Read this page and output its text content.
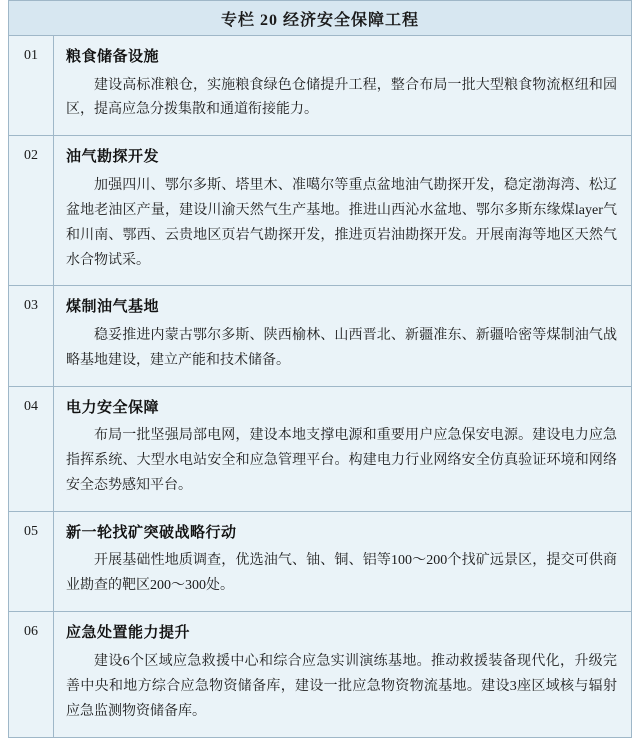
专栏 20 经济安全保障工程
01	粮食储备设施
建设高标准粮仓，实施粮食绿色仓储提升工程，整合布局一批大型粮食物流枢纽和园区，提高应急分拨集散和通道衔接能力。
02	油气勘探开发
加强四川、鄂尔多斯、塔里木、准噶尔等重点盆地油气勘探开发，稳定渤海湾、松辽盆地老油区产量，建设川渝天然气生产基地。推进山西沁水盆地、鄂尔多斯东缘煤layer气和川南、鄂西、云贵地区页岩气勘探开发，推进页岩油勘探开发。开展南海等地区天然气水合物试采。
03	煤制油气基地
稳妥推进内蒙古鄂尔多斯、陕西榆林、山西晋北、新疆准东、新疆哈密等煤制油气战略基地建设，建立产能和技术储备。
04	电力安全保障
布局一批坚强局部电网，建设本地支撑电源和重要用户应急保安电源。建设电力应急指挥系统、大型水电站安全和应急管理平台。构建电力行业网络安全仿真验证环境和网络安全态势感知平台。
05	新一轮找矿突破战略行动
开展基础性地质调查，优选油气、铀、铜、铝等100～200个找矿远景区，提交可供商业勘查的靶区200～300处。
06	应急处置能力提升
建设6个区域应急救援中心和综合应急实训演练基地。推动救援装备现代化，升级完善中央和地方综合应急物资储备库，建设一批应急物资物流基地。建设3座区域核与辐射应急监测物资储备库。
